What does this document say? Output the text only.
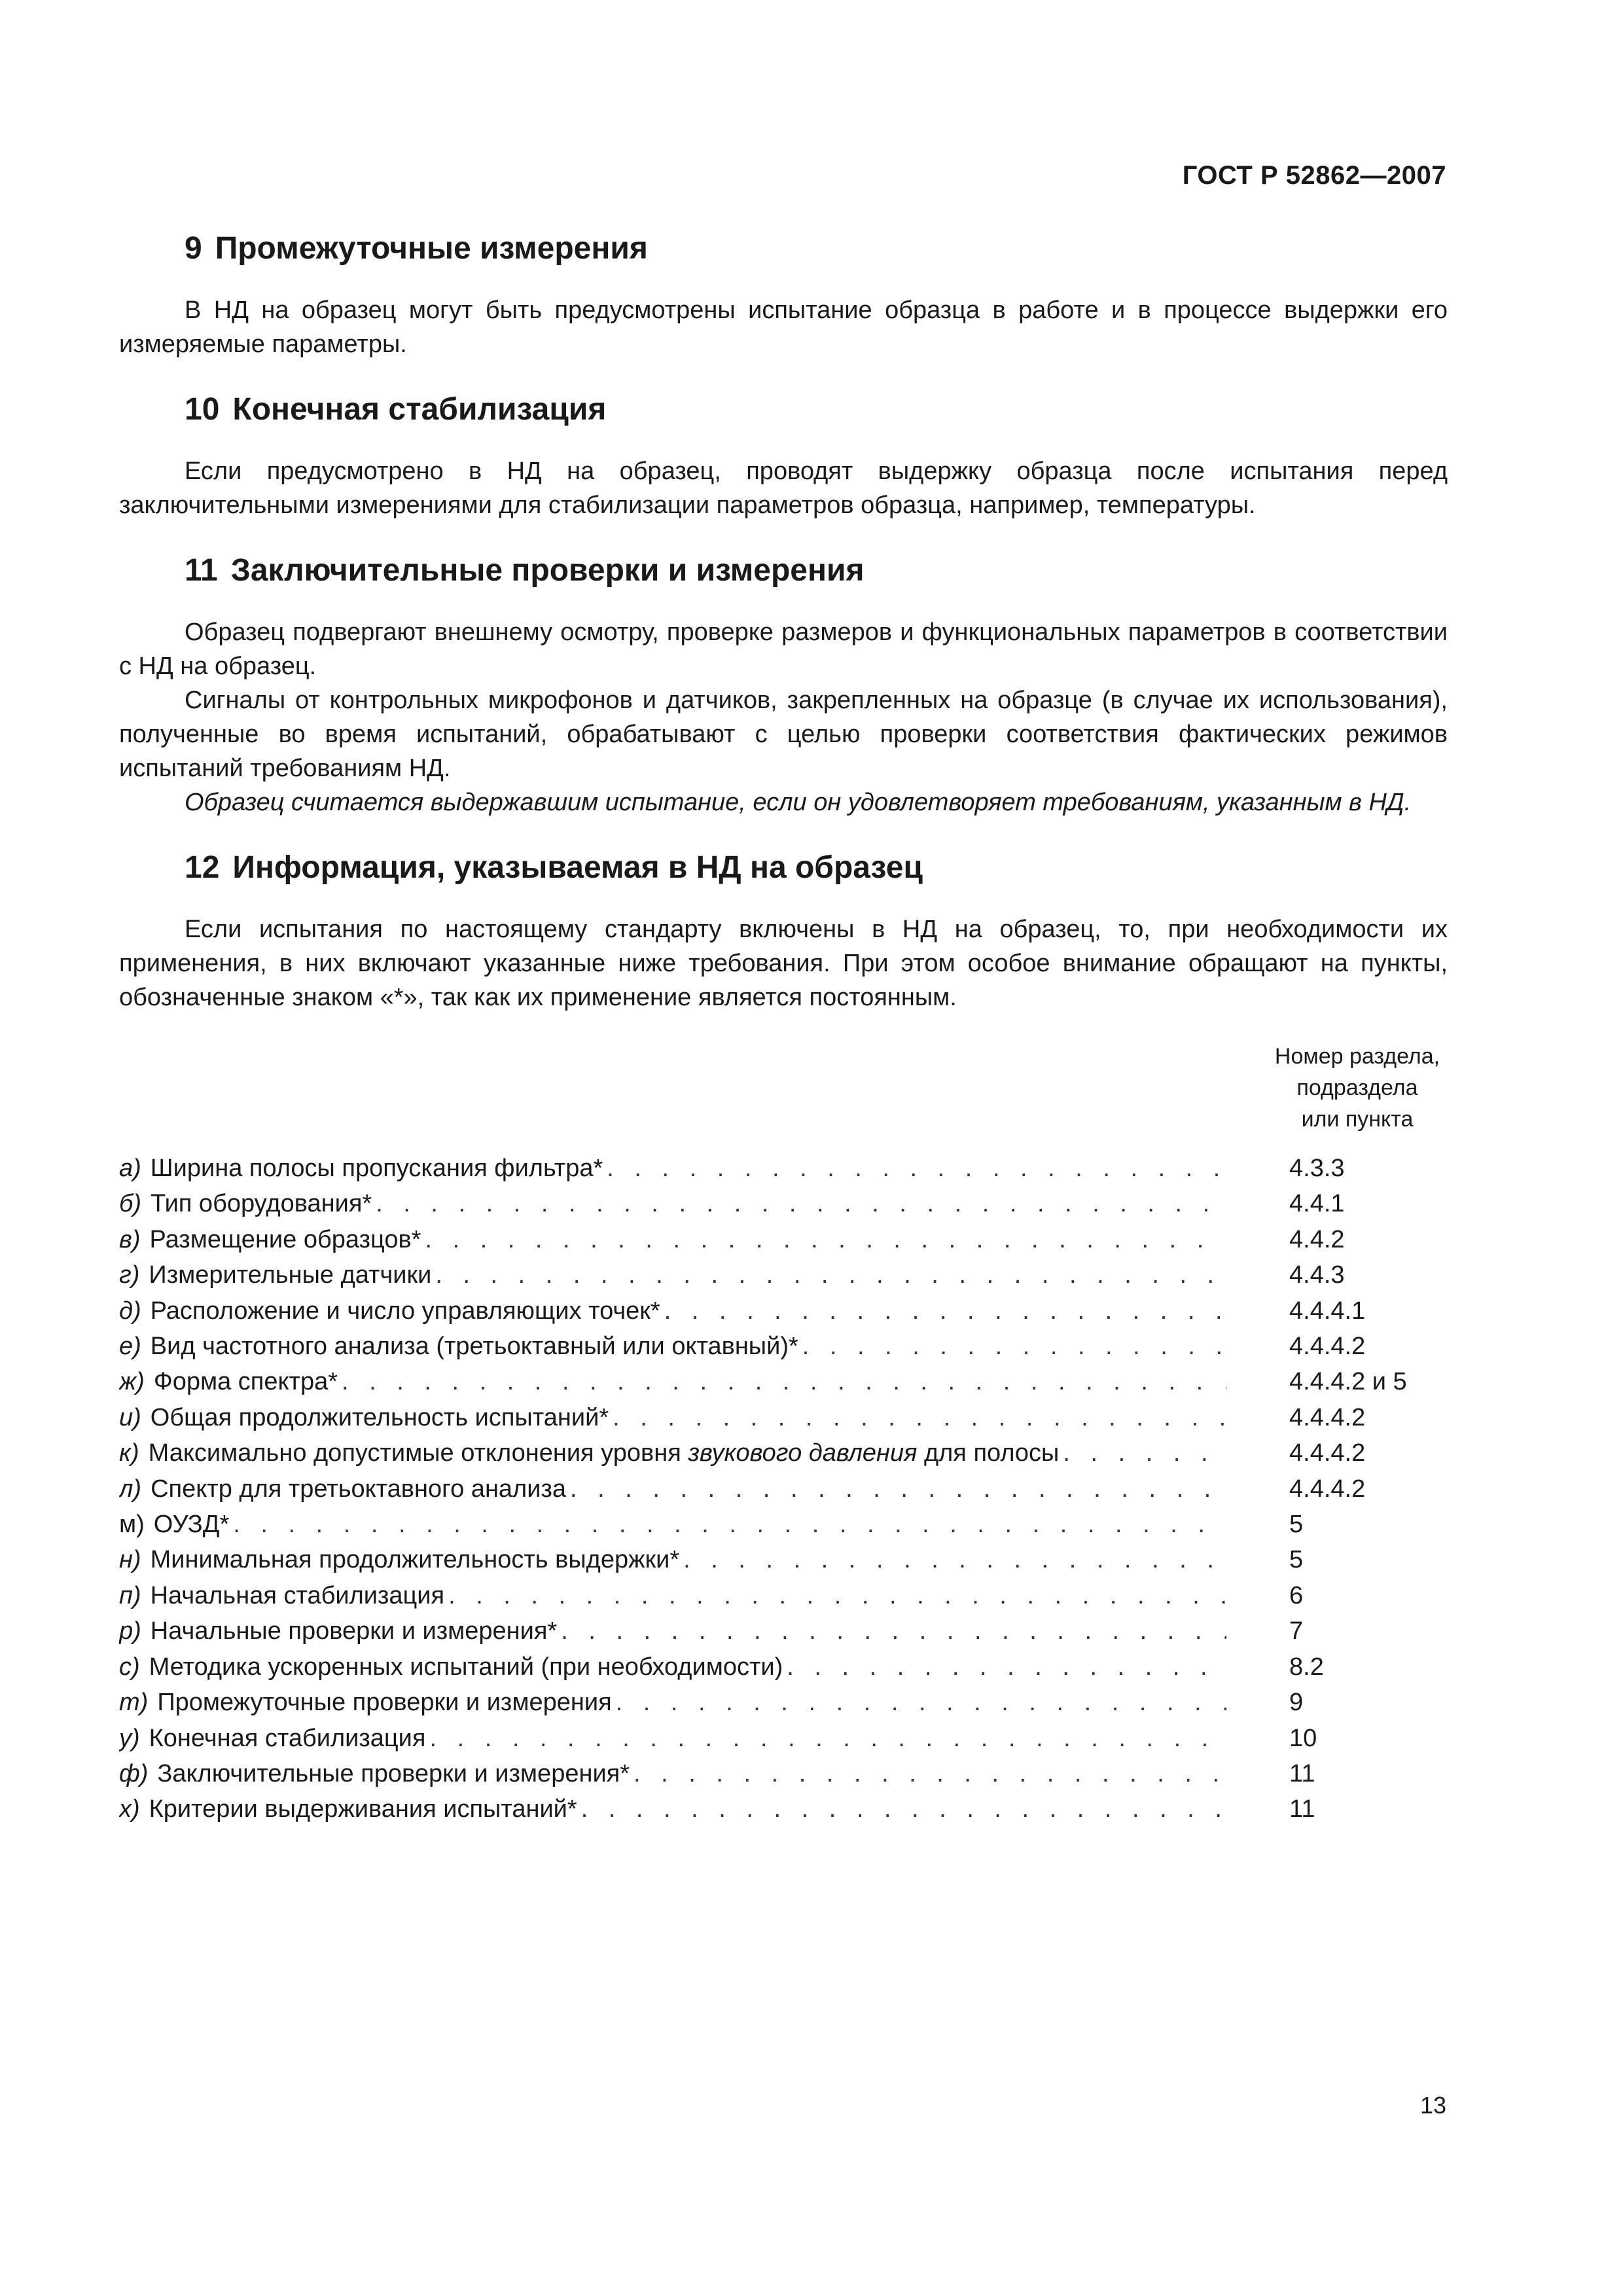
ГОСТ Р 52862—2007
9 Промежуточные измерения

В НД на образец могут быть предусмотрены испытание образца в работе и в процессе выдержки его измеряемые параметры.

10 Конечная стабилизация

Если предусмотрено в НД на образец, проводят выдержку образца после испытания перед заключительными измерениями для стабилизации параметров образца, например, температуры.

11 Заключительные проверки и измерения

Образец подвергают внешнему осмотру, проверке размеров и функциональных параметров в соответствии с НД на образец.

Сигналы от контрольных микрофонов и датчиков, закрепленных на образце (в случае их использования), полученные во время испытаний, обрабатывают с целью проверки соответствия фактических режимов испытаний требованиям НД.

Образец считается выдержавшим испытание, если он удовлетворяет требованиям, указанным в НД.

12 Информация, указываемая в НД на образец

Если испытания по настоящему стандарту включены в НД на образец, то, при необходимости их применения, в них включают указанные ниже требования. При этом особое внимание обращают на пункты, обозначенные знаком «*», так как их применение является постоянным.

Номер раздела,
подраздела
или пункта
а) Ширина полосы пропускания фильтра* . . .	4.3.3
б) Тип оборудования* . . .	4.4.1
в) Размещение образцов* . . .	4.4.2
г) Измерительные датчики . . .	4.4.3
д) Расположение и число управляющих точек* . . .	4.4.4.1
е) Вид частотного анализа (третьоктавный или октавный)* . . .	4.4.4.2
ж) Форма спектра* . . .	4.4.4.2 и 5
и) Общая продолжительность испытаний* . . .	4.4.4.2
к) Максимально допустимые отклонения уровня звукового давления для полосы . . .	4.4.4.2
л) Спектр для третьоктавного анализа . . .	4.4.4.2
м) ОУЗД* . . .	5
н) Минимальная продолжительность выдержки* . . .	5
п) Начальная стабилизация . . .	6
р) Начальные проверки и измерения* . . .	7
с) Методика ускоренных испытаний (при необходимости) . . .	8.2
т) Промежуточные проверки и измерения . . .	9
у) Конечная стабилизация . . .	10
ф) Заключительные проверки и измерения* . . .	11
х) Критерии выдерживания испытаний* . . .	11
13
